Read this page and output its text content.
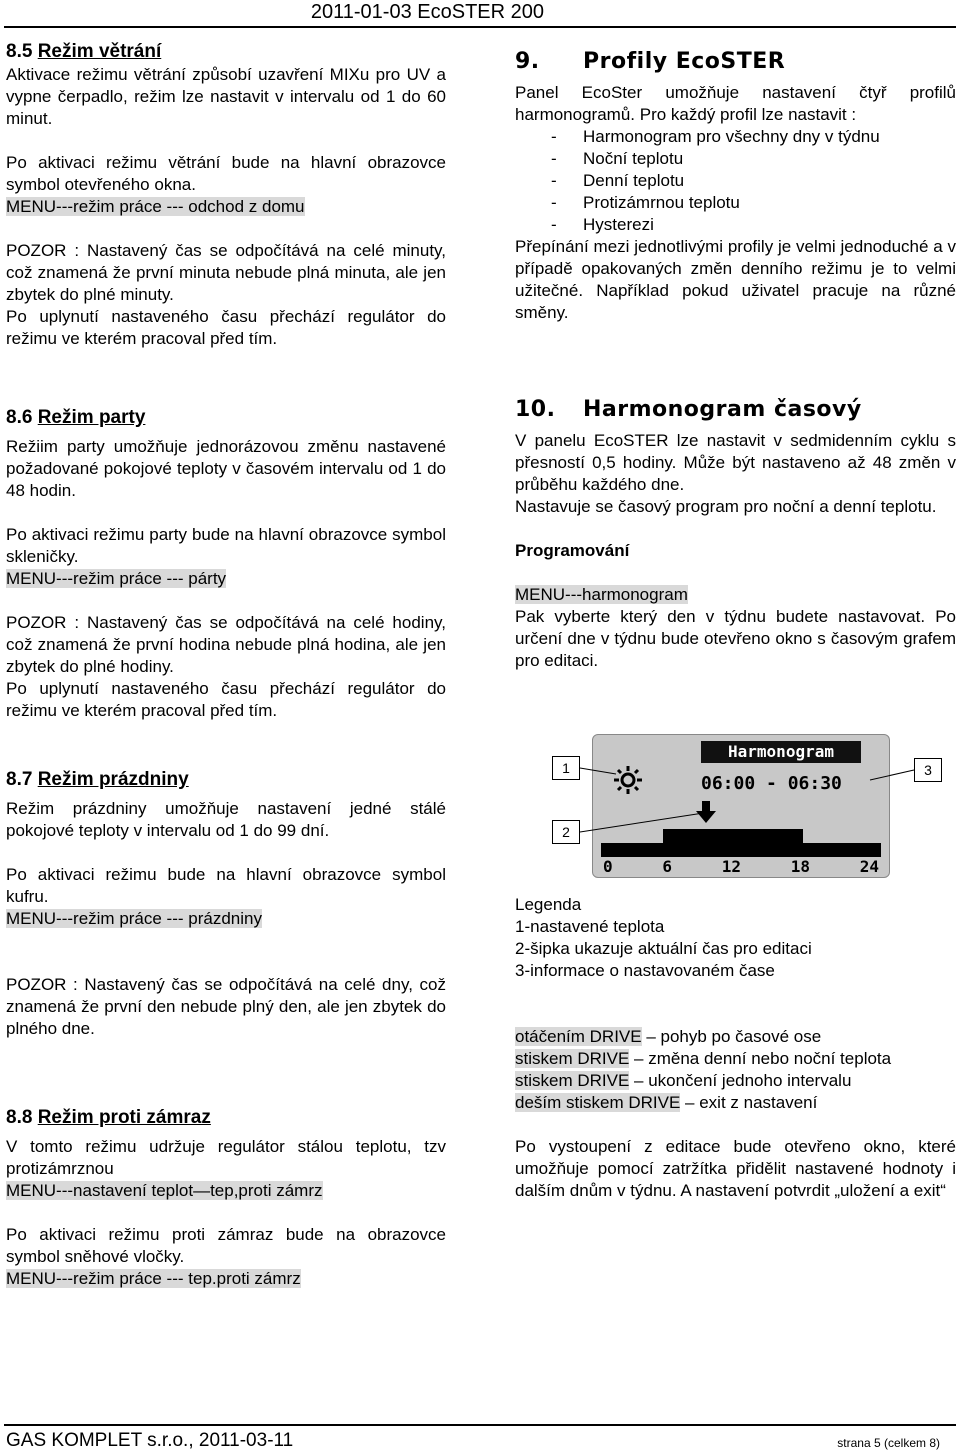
2011-01-03 EcoSTER 200
8.5 Režim větrání

Aktivace režimu větrání způsobí uzavření MIXu pro UV a vypne čerpadlo, režim lze nastavit v intervalu od 1 do 60 minut.

Po aktivaci režimu větrání bude na hlavní obrazovce symbol otevřeného okna.

MENU---režim práce --- odchod z domu

POZOR : Nastavený čas se odpočítává na celé minuty, což znamená že první minuta nebude plná minuta, ale jen zbytek do plné minuty.

Po uplynutí nastaveného času přechází regulátor do režimu ve kterém pracoval před tím.

8.6 Režim party

Režiim party umožňuje jednorázovou změnu nastavené požadované pokojové teploty v časovém intervalu od 1 do 48 hodin.

Po aktivaci režimu party bude na hlavní obrazovce symbol skleničky.

MENU---režim práce --- párty

POZOR : Nastavený čas se odpočítává na celé hodiny, což znamená že první hodina nebude plná hodina, ale jen zbytek do plné hodiny.

Po uplynutí nastaveného času přechází regulátor do režimu ve kterém pracoval před tím.

8.7 Režim prázdniny

Režim prázdniny umožňuje nastavení jedné stálé pokojové teploty v intervalu od 1 do 99 dní.

Po aktivaci režimu bude na hlavní obrazovce symbol kufru.

MENU---režim práce --- prázdniny

POZOR : Nastavený čas se odpočítává na celé dny, což znamená že první den nebude plný den, ale jen zbytek do plného dne.

8.8 Režim proti zámraz

V tomto režimu udržuje regulátor stálou teplotu, tzv protizámrznou

MENU---nastavení teplot—tep,proti zámrz

Po aktivaci režimu proti zámraz bude na obrazovce symbol sněhové vločky.

MENU---režim práce --- tep.proti zámrz

9. Profily EcoSTER

Panel EcoSter umožňuje nastavení čtyř profilů harmonogramů. Pro každý profil lze nastavit :

- Harmonogram pro všechny dny v týdnu
- Noční teplotu
- Denní teplotu
- Protizámrnou teplotu
- Hysterezi

Přepínání mezi jednotlivými profily je velmi jednoduché a v případě opakovaných změn denního režimu je to velmi užitečné. Například pokud uživatel pracuje na různé směny.

10. Harmonogram časový

V panelu EcoSTER lze nastavit v sedmidenním cyklu s přesností 0,5 hodiny. Může být nastaveno až 48 změn v průběhu každého dne.

Nastavuje se časový program pro noční a denní teplotu.

Programování

MENU---harmonogram

Pak vyberte který den v týdnu budete nastavovat. Po určení dne v týdnu bude otevřeno okno s časovým grafem pro editaci.

Harmonogram
06:00 - 06:30
0	6	12	18	24
1
2
3

Legenda

1-nastavené teplota

2-šipka ukazuje aktuální čas pro editaci

3-informace o nastavovaném čase

otáčením DRIVE – pohyb po časové ose

stiskem DRIVE – změna denní nebo noční teplota

stiskem DRIVE – ukončení jednoho intervalu

deším stiskem DRIVE – exit z nastavení

Po vystoupení z editace bude otevřeno okno, které umožňuje pomocí zatržítka přidělit nastavené hodnoty i dalším dnům v týdnu. A nastavení potvrdit „uložení a exit“

GAS KOMPLET s.r.o., 2011-03-11	strana 5 (celkem 8)
